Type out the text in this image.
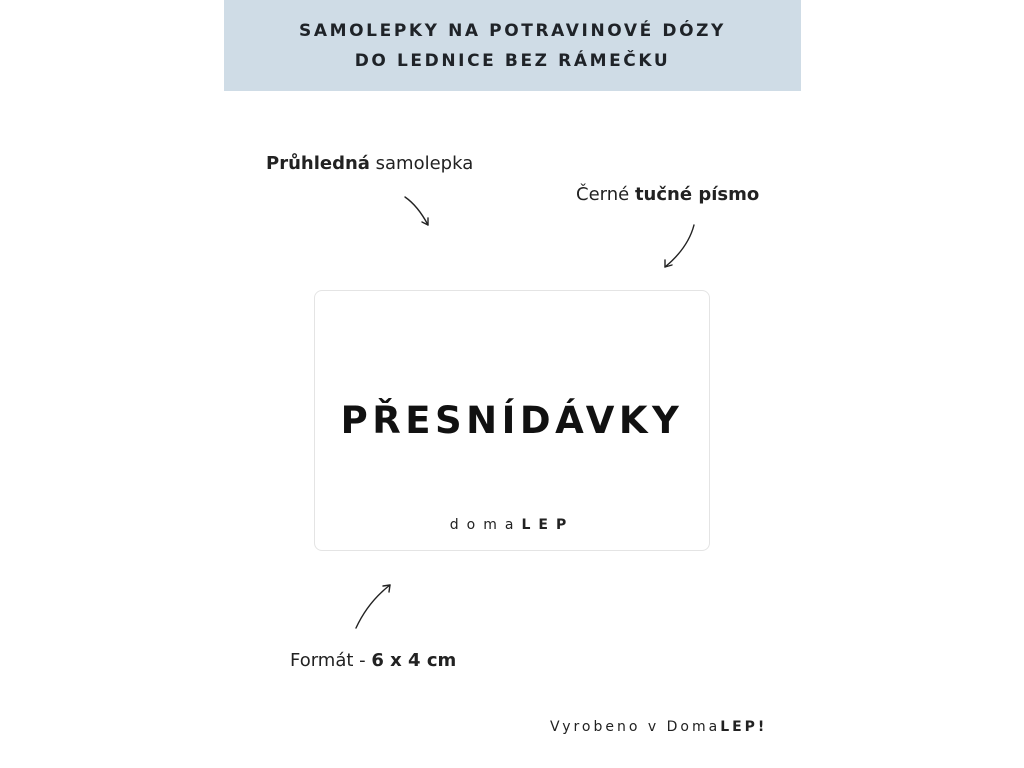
SAMOLEPKY NA POTRAVINOVÉ DÓZY
DO LEDNICE BEZ RÁMEČKU
Průhledná samolepka
Černé tučné písmo
PŘESNÍDÁVKY
domaLEP
Formát - 6 x 4 cm
Vyrobeno v DomaLEP!
